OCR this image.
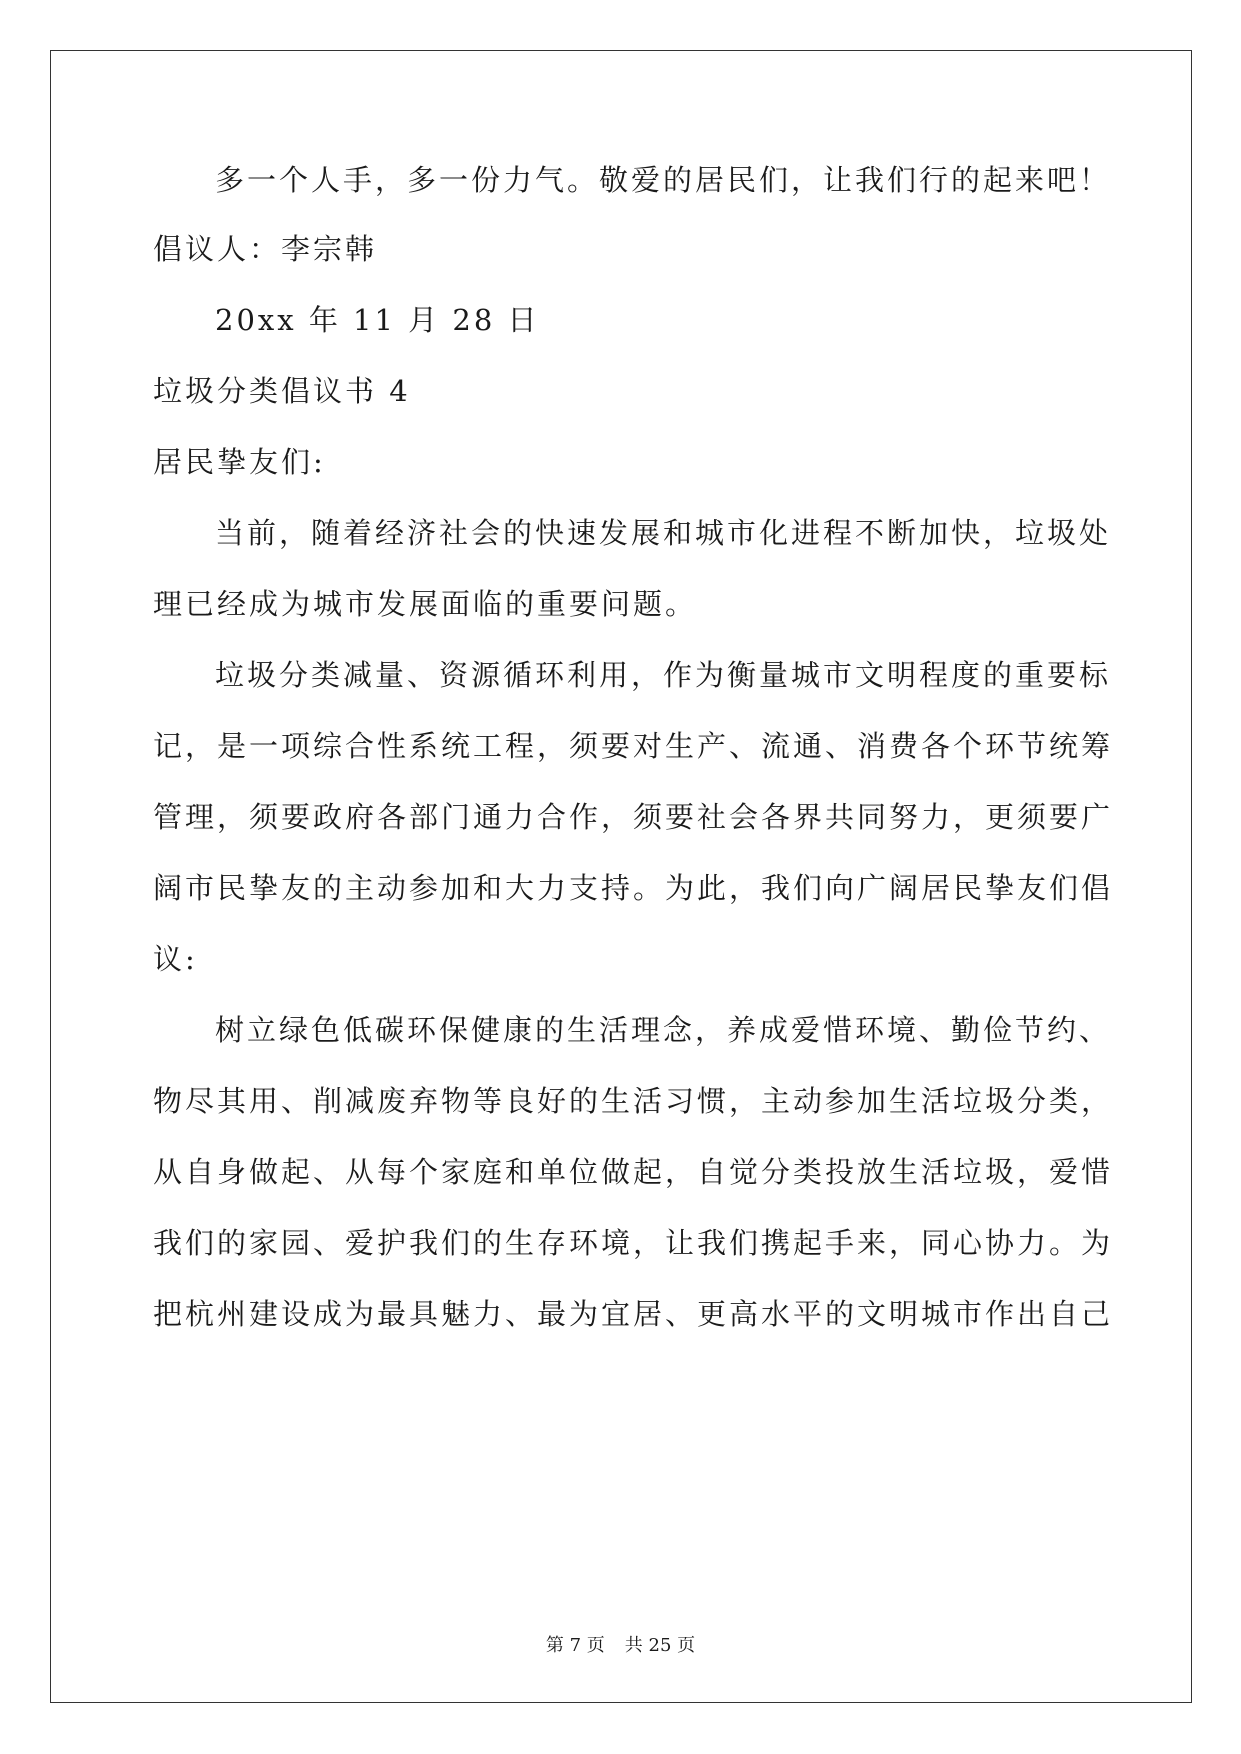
多一个人手，多一份力气。敬爱的居民们，让我们行的起来吧！
倡议人：李宗韩
20xx 年 11 月 28 日
垃圾分类倡议书 4
居民挚友们:
当前，随着经济社会的快速发展和城市化进程不断加快，垃圾处
理已经成为城市发展面临的重要问题。
垃圾分类减量、资源循环利用，作为衡量城市文明程度的重要标
记，是一项综合性系统工程，须要对生产、流通、消费各个环节统筹
管理，须要政府各部门通力合作，须要社会各界共同努力，更须要广
阔市民挚友的主动参加和大力支持。为此，我们向广阔居民挚友们倡
议:
树立绿色低碳环保健康的生活理念，养成爱惜环境、勤俭节约、
物尽其用、削减废弃物等良好的生活习惯，主动参加生活垃圾分类，
从自身做起、从每个家庭和单位做起，自觉分类投放生活垃圾，爱惜
我们的家园、爱护我们的生存环境，让我们携起手来，同心协力。为
把杭州建设成为最具魅力、最为宜居、更高水平的文明城市作出自己
第 7 页 共 25 页
